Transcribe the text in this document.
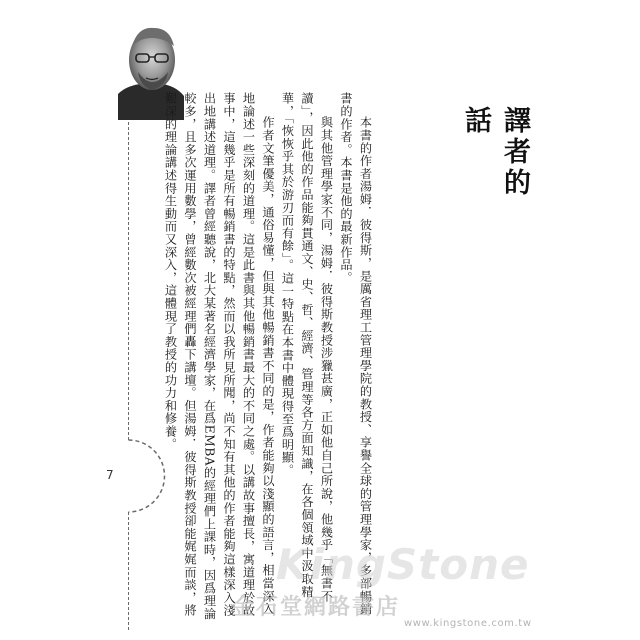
7
譯者的話

本書的作者湯姆．彼得斯，是厲省理工管理學院的教授、享譽全球的管理學家，多部暢銷書的作者。本書是他的最新作品。

與其他管理學家不同，湯姆．彼得斯教授涉獵甚廣，正如他自己所說，他幾乎「無書不讀」，因此他的作品能夠貫通文、史、哲、經濟、管理等各方面知識，在各個領域中汲取精華，「恢恢乎其於游刃而有餘」。這一特點在本書中體現得至爲明顯。

作者文筆優美，通俗易懂，但與其他暢銷書不同的是，作者能夠以淺顯的語言，相當深入地論述一些深刻的道理。這是此書與其他暢銷書最大的不同之處。以講故事擅長，寓道理於故事中，這幾乎是所有暢銷書的特點，然而以我所見所聞，尚不知有其他的作者能夠這樣深入淺出地講述道理。譯者曾經聽說，北大某著名經濟學家，在爲EMBA的經理們上課時，因爲理論較多，且多次運用數學，曾經數次被經理們轟下講壇。但湯姆．彼得斯教授卻能娓娓而談，將艱深的理論講述得生動而又深入，這體現了教授的功力和修養。

KingStone
金石堂網路書店
www.kingstone.com.tw
